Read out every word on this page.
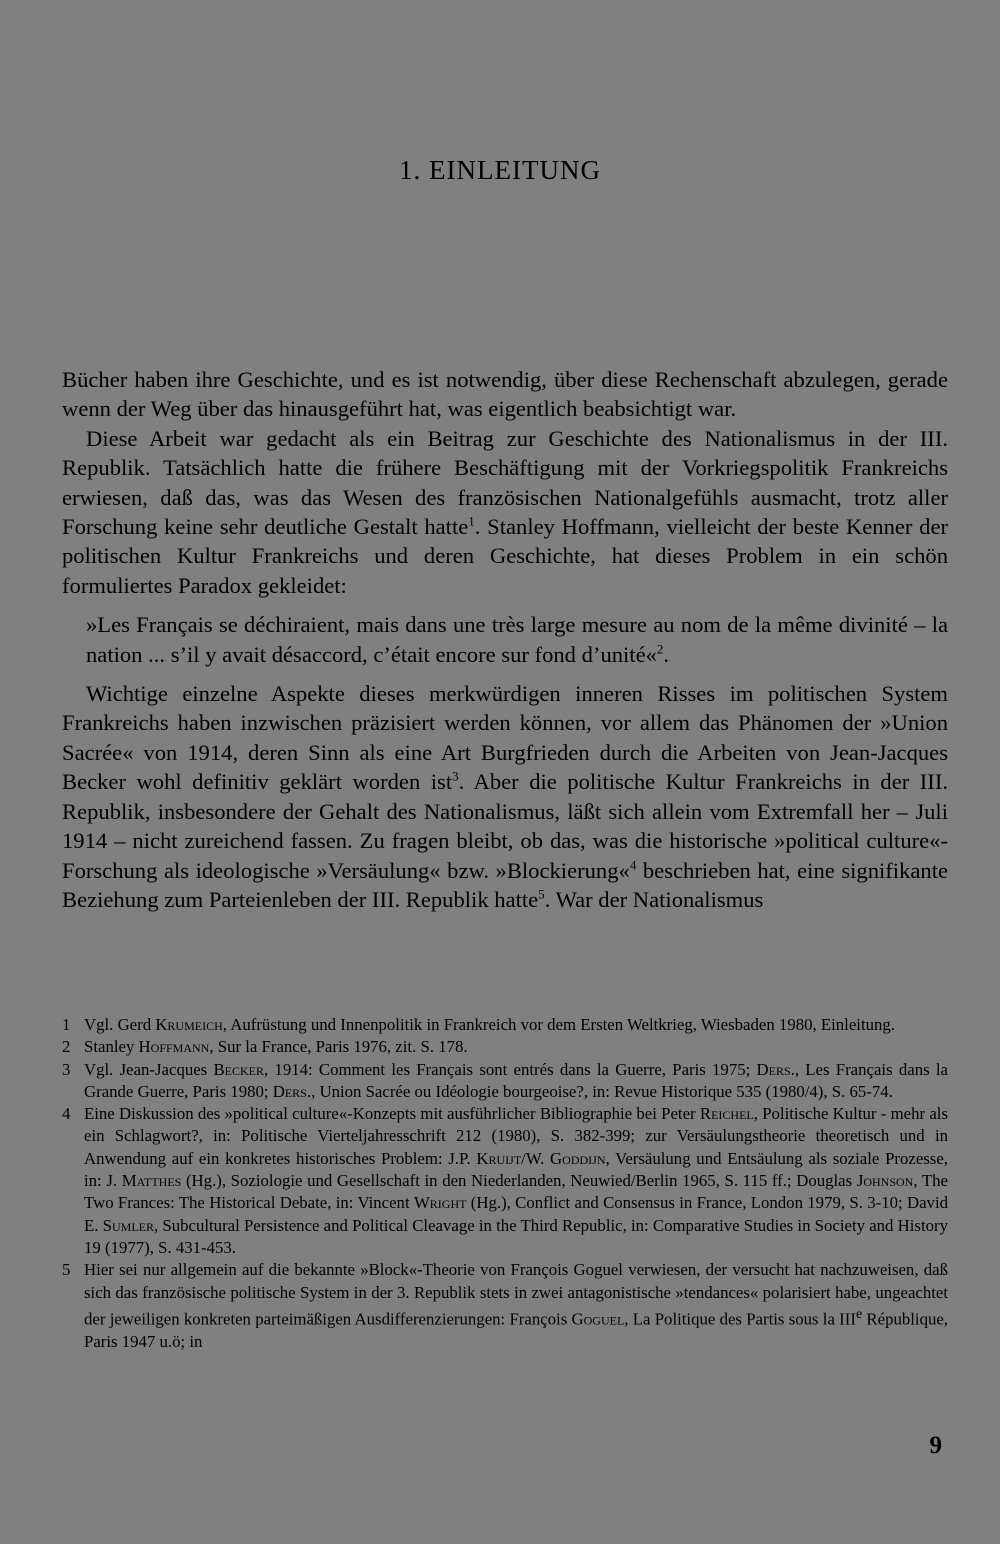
1. EINLEITUNG

Bücher haben ihre Geschichte, und es ist notwendig, über diese Rechenschaft abzulegen, gerade wenn der Weg über das hinausgeführt hat, was eigentlich beabsichtigt war.

Diese Arbeit war gedacht als ein Beitrag zur Geschichte des Nationalismus in der III. Republik. Tatsächlich hatte die frühere Beschäftigung mit der Vorkriegspolitik Frankreichs erwiesen, daß das, was das Wesen des französischen Nationalgefühls ausmacht, trotz aller Forschung keine sehr deutliche Gestalt hatte$^1$. Stanley Hoffmann, vielleicht der beste Kenner der politischen Kultur Frankreichs und deren Geschichte, hat dieses Problem in ein schön formuliertes Paradox gekleidet:

»Les Français se déchiraient, mais dans une très large mesure au nom de la même divinité – la nation ... s’il y avait désaccord, c’était encore sur fond d’unité«$^2$.

Wichtige einzelne Aspekte dieses merkwürdigen inneren Risses im politischen System Frankreichs haben inzwischen präzisiert werden können, vor allem das Phänomen der »Union Sacrée« von 1914, deren Sinn als eine Art Burgfrieden durch die Arbeiten von Jean-Jacques Becker wohl definitiv geklärt worden ist$^3$. Aber die politische Kultur Frankreichs in der III. Republik, insbesondere der Gehalt des Nationalismus, läßt sich allein vom Extremfall her – Juli 1914 – nicht zureichend fassen. Zu fragen bleibt, ob das, was die historische »political culture«-Forschung als ideologische »Versäulung« bzw. »Blockierung«$^4$ beschrieben hat, eine signifikante Beziehung zum Parteienleben der III. Republik hatte$^5$. War der Nationalismus

1 Vgl. Gerd Krumeich, Aufrüstung und Innenpolitik in Frankreich vor dem Ersten Weltkrieg, Wiesbaden 1980, Einleitung.
2 Stanley Hoffmann, Sur la France, Paris 1976, zit. S. 178.
3 Vgl. Jean-Jacques Becker, 1914: Comment les Français sont entrés dans la Guerre, Paris 1975; Ders., Les Français dans la Grande Guerre, Paris 1980; Ders., Union Sacrée ou Idéologie bourgeoise?, in: Revue Historique 535 (1980/4), S. 65-74.
4 Eine Diskussion des »political culture«-Konzepts mit ausführlicher Bibliographie bei Peter Reichel, Politische Kultur - mehr als ein Schlagwort?, in: Politische Vierteljahresschrift 212 (1980), S. 382-399; zur Versäulungstheorie theoretisch und in Anwendung auf ein konkretes historisches Problem: J.P. Kruijt/W. Goddijn, Versäulung und Entsäulung als soziale Prozesse, in: J. Matthes (Hg.), Soziologie und Gesellschaft in den Niederlanden, Neuwied/Berlin 1965, S. 115 ff.; Douglas Johnson, The Two Frances: The Historical Debate, in: Vincent Wright (Hg.), Conflict and Consensus in France, London 1979, S. 3-10; David E. Sumler, Subcultural Persistence and Political Cleavage in the Third Republic, in: Comparative Studies in Society and History 19 (1977), S. 431-453.
5 Hier sei nur allgemein auf die bekannte »Block«-Theorie von François Goguel verwiesen, der versucht hat nachzuweisen, daß sich das französische politische System in der 3. Republik stets in zwei antagonistische »tendances« polarisiert habe, ungeachtet der jeweiligen konkreten parteimäßigen Ausdifferenzierungen: François Goguel, La Politique des Partis sous la IIIe République, Paris 1947 u.ö; in
9
